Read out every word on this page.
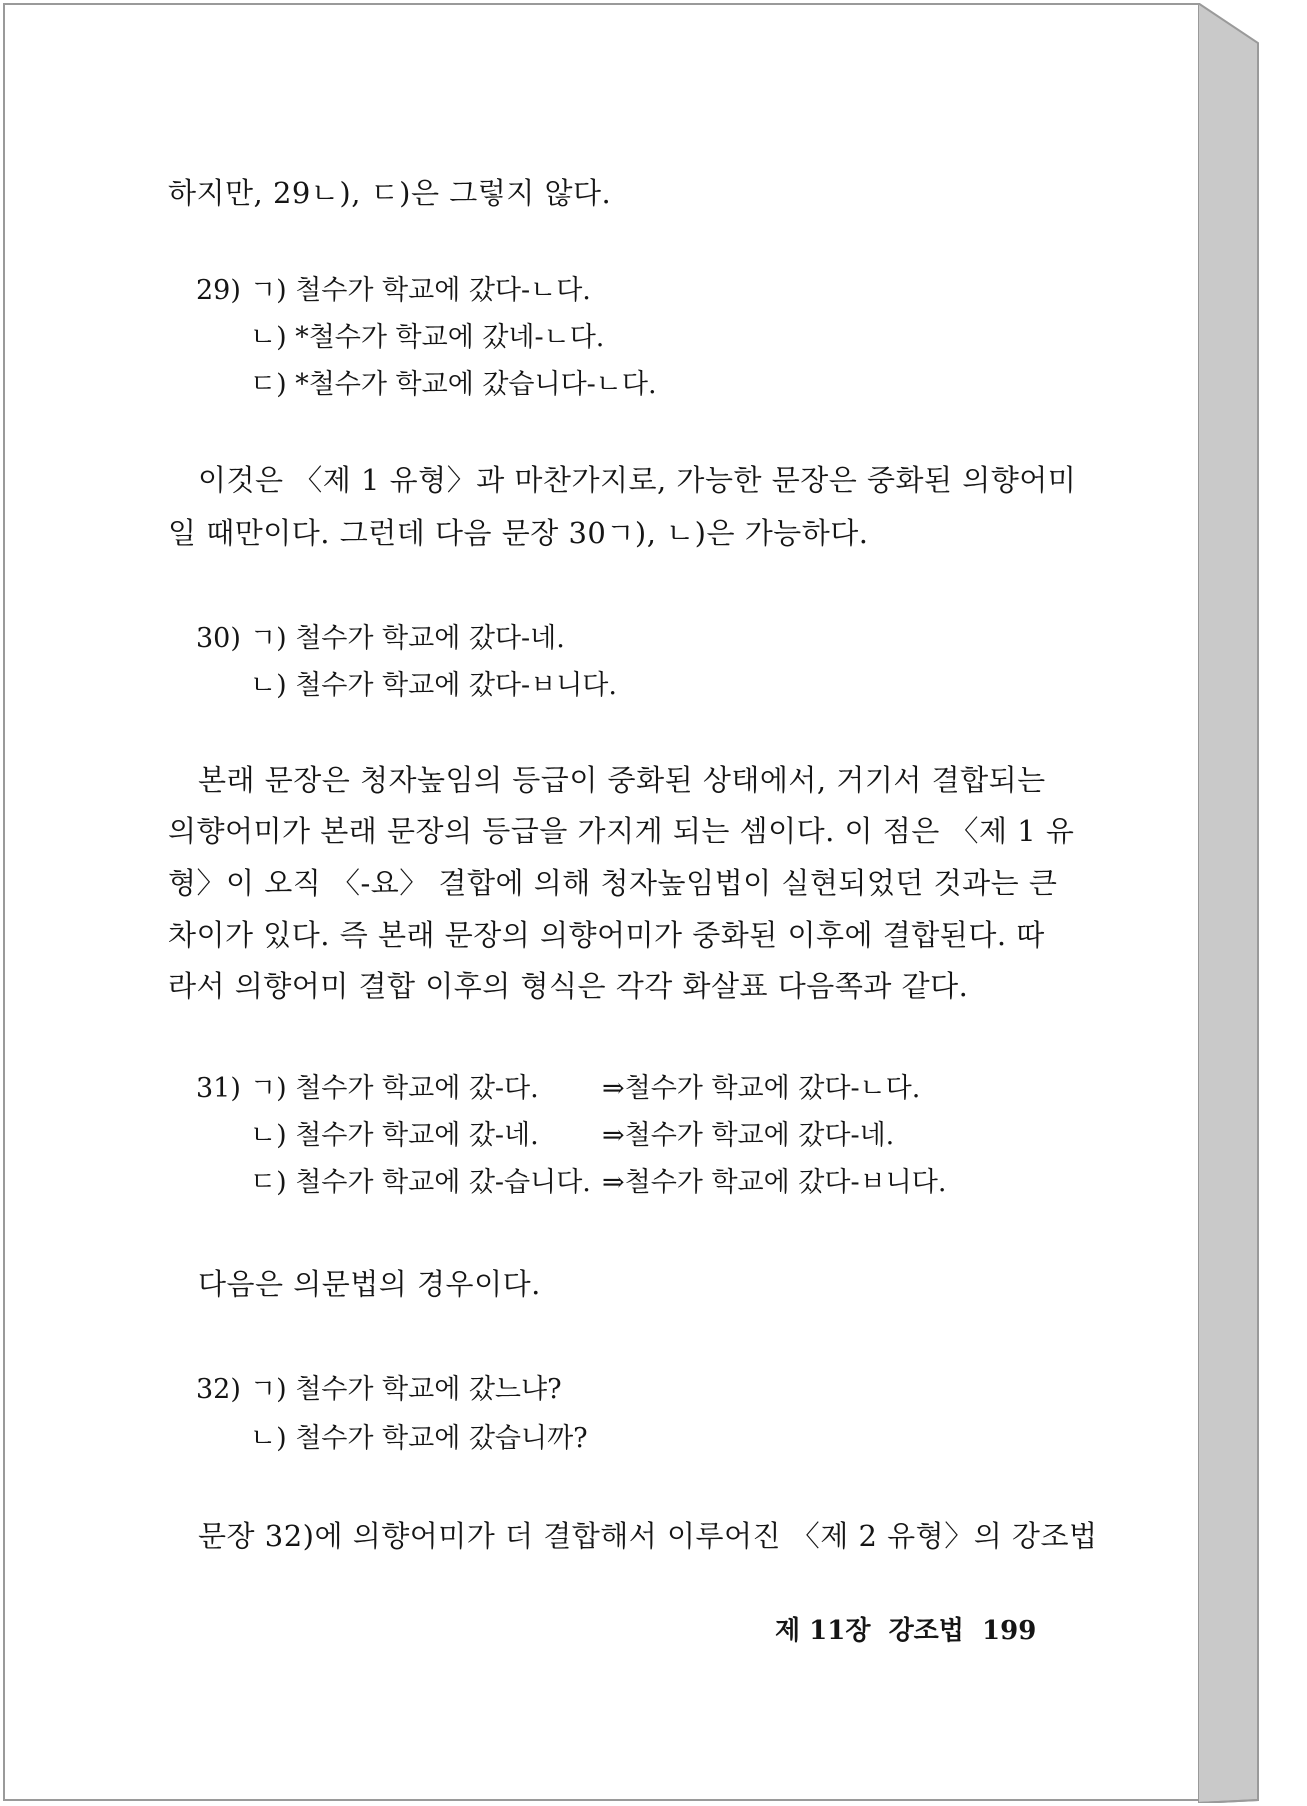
하지만, 29ㄴ), ㄷ)은 그렇지 않다.
29) ㄱ) 철수가 학교에 갔다-ㄴ다.
ㄴ) *철수가 학교에 갔네-ㄴ다.
ㄷ) *철수가 학교에 갔습니다-ㄴ다.
이것은 〈제 1 유형〉과 마찬가지로, 가능한 문장은 중화된 의향어미
일 때만이다. 그런데 다음 문장 30ㄱ), ㄴ)은 가능하다.
30) ㄱ) 철수가 학교에 갔다-네.
ㄴ) 철수가 학교에 갔다-ㅂ니다.
본래 문장은 청자높임의 등급이 중화된 상태에서, 거기서 결합되는
의향어미가 본래 문장의 등급을 가지게 되는 셈이다. 이 점은 〈제 1 유
형〉이 오직 〈-요〉 결합에 의해 청자높임법이 실현되었던 것과는 큰
차이가 있다. 즉 본래 문장의 의향어미가 중화된 이후에 결합된다. 따
라서 의향어미 결합 이후의 형식은 각각 화살표 다음쪽과 같다.
31) ㄱ) 철수가 학교에 갔-다. ⇒철수가 학교에 갔다-ㄴ다.
ㄴ) 철수가 학교에 갔-네. ⇒철수가 학교에 갔다-네.
ㄷ) 철수가 학교에 갔-습니다. ⇒철수가 학교에 갔다-ㅂ니다.
다음은 의문법의 경우이다.
32) ㄱ) 철수가 학교에 갔느냐?
ㄴ) 철수가 학교에 갔습니까?
문장 32)에 의향어미가 더 결합해서 이루어진 〈제 2 유형〉의 강조법
제 11장  강조법  199
